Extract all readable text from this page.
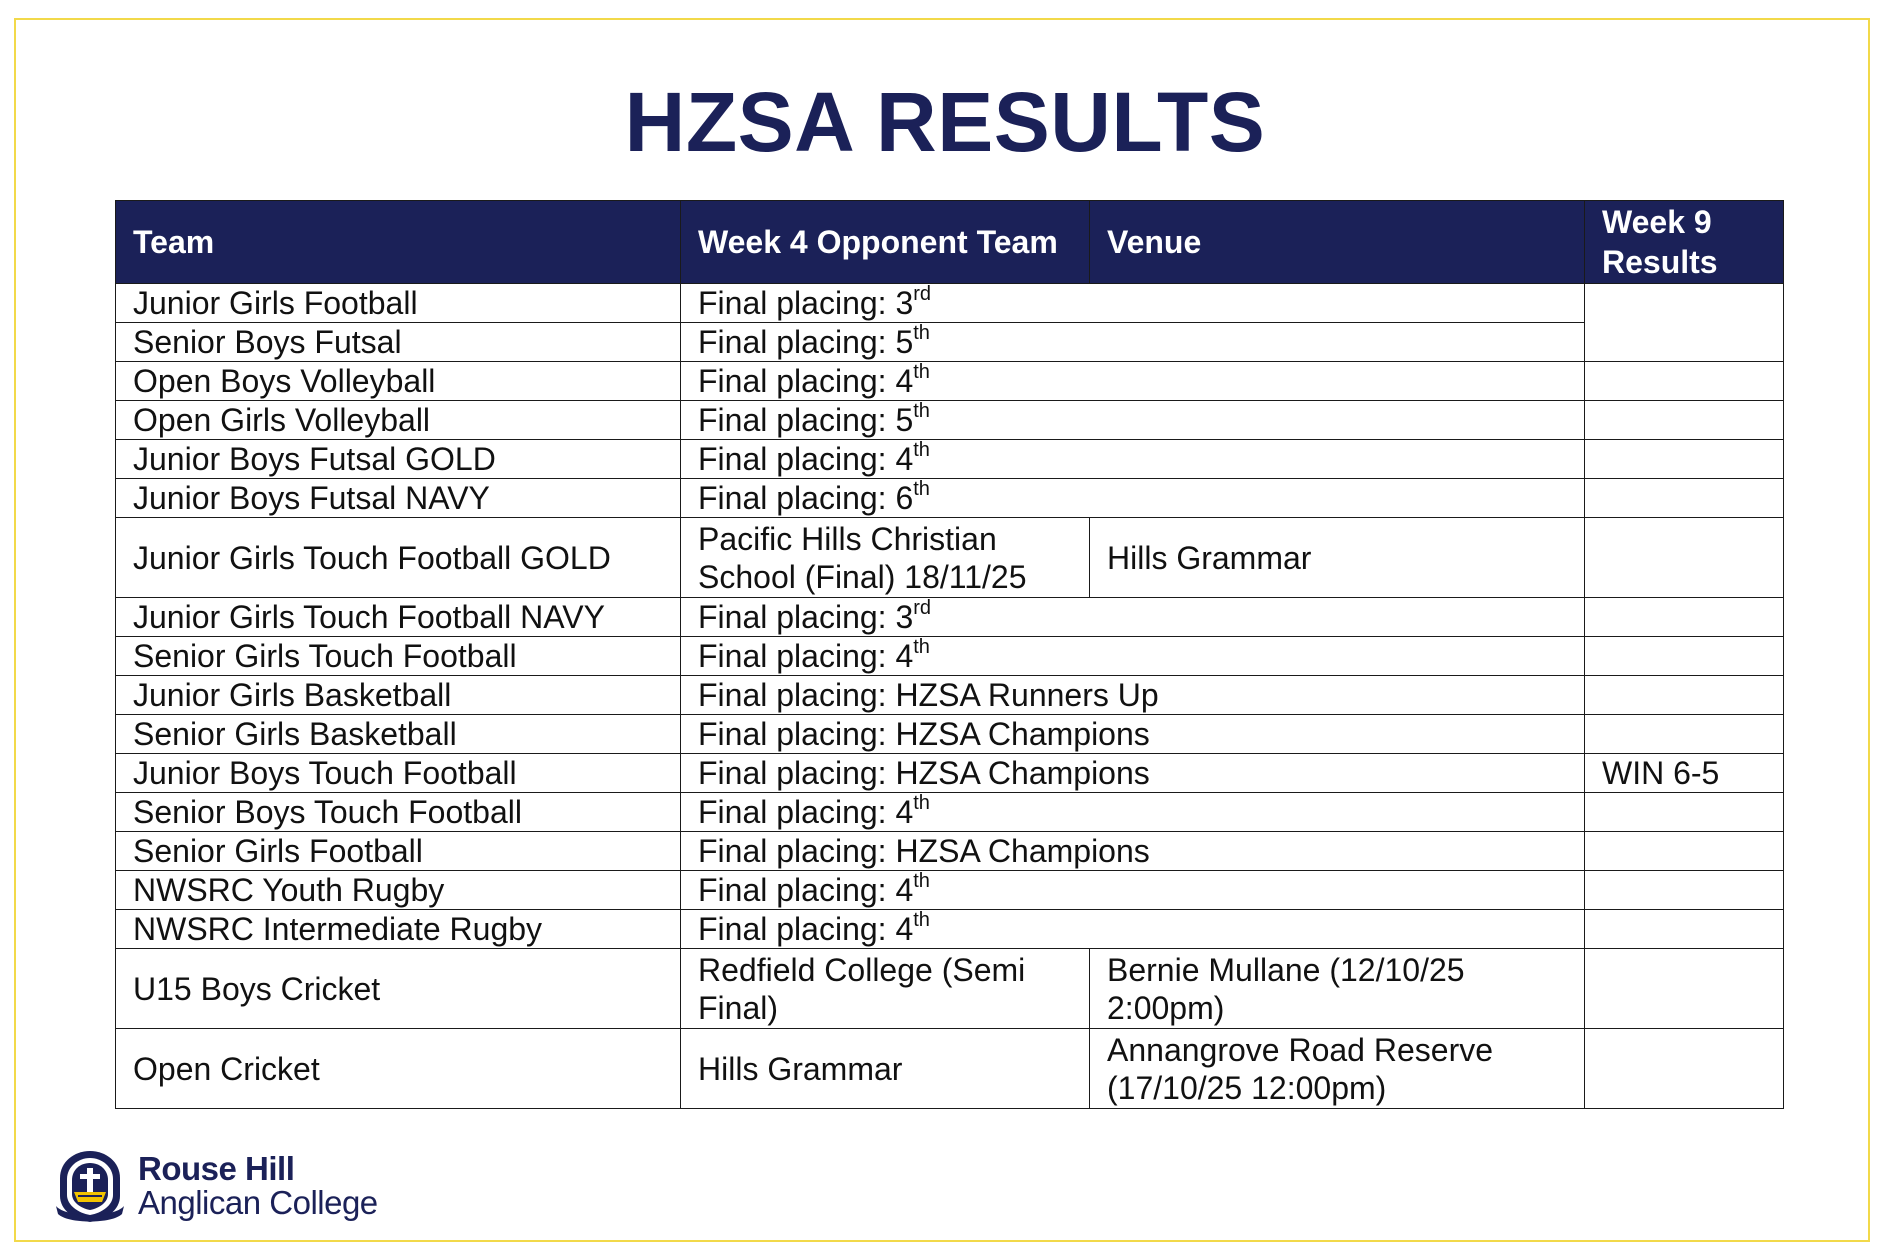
HZSA RESULTS
Team	Week 4 Opponent Team	Venue	Week 9 Results
Junior Girls Football	Final placing: 3rd	
Senior Boys Futsal	Final placing: 5th
Open Boys Volleyball	Final placing: 4th	
Open Girls Volleyball	Final placing: 5th	
Junior Boys Futsal GOLD	Final placing: 4th	
Junior Boys Futsal NAVY	Final placing: 6th	
Junior Girls Touch Football GOLD	Pacific Hills Christian School (Final) 18/11/25	Hills Grammar	
Junior Girls Touch Football NAVY	Final placing: 3rd	
Senior Girls Touch Football	Final placing: 4th	
Junior Girls Basketball	Final placing: HZSA Runners Up		
Senior Girls Basketball	Final placing: HZSA Champions		
Junior Boys Touch Football	Final placing: HZSA Champions		WIN 6-5
Senior Boys Touch Football	Final placing: 4th	
Senior Girls Football	Final placing: HZSA Champions		
NWSRC Youth Rugby	Final placing: 4th	
NWSRC Intermediate Rugby	Final placing: 4th	
U15 Boys Cricket	Redfield College (Semi Final)	Bernie Mullane (12/10/25 2:00pm)	
Open Cricket	Hills Grammar	Annangrove Road Reserve (17/10/25 12:00pm)	
Rouse Hill
Anglican College
